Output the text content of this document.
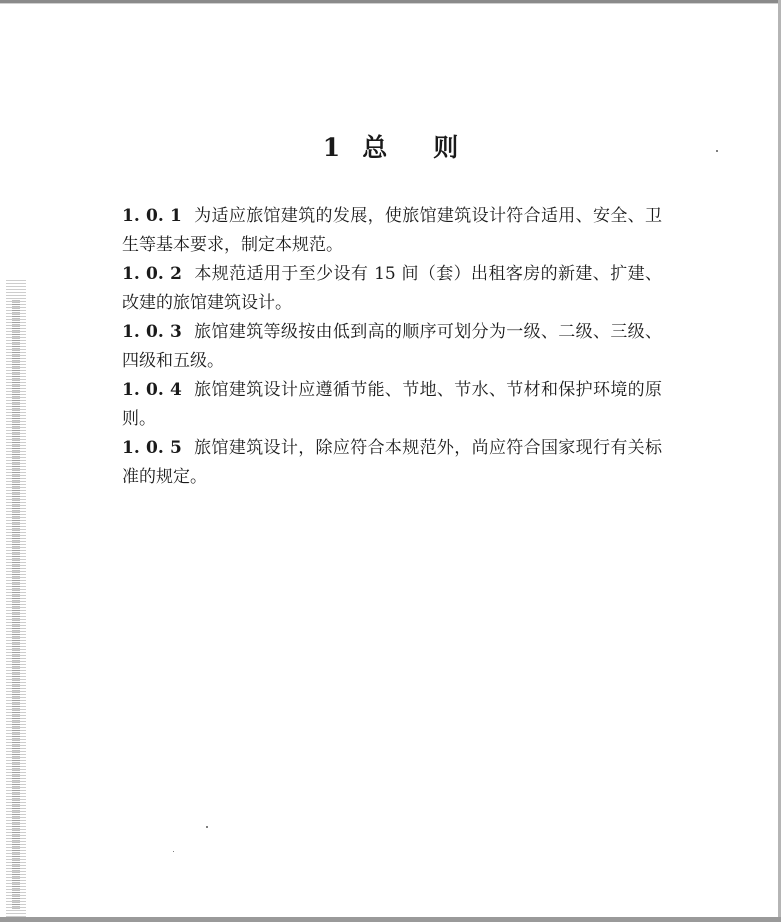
1 总 则

1. 0. 1 为适应旅馆建筑的发展，使旅馆建筑设计符合适用、安全、卫生等基本要求，制定本规范。

1. 0. 2 本规范适用于至少设有 15 间（套）出租客房的新建、扩建、改建的旅馆建筑设计。

1. 0. 3 旅馆建筑等级按由低到高的顺序可划分为一级、二级、三级、四级和五级。

1. 0. 4 旅馆建筑设计应遵循节能、节地、节水、节材和保护环境的原则。

1. 0. 5 旅馆建筑设计，除应符合本规范外，尚应符合国家现行有关标准的规定。
